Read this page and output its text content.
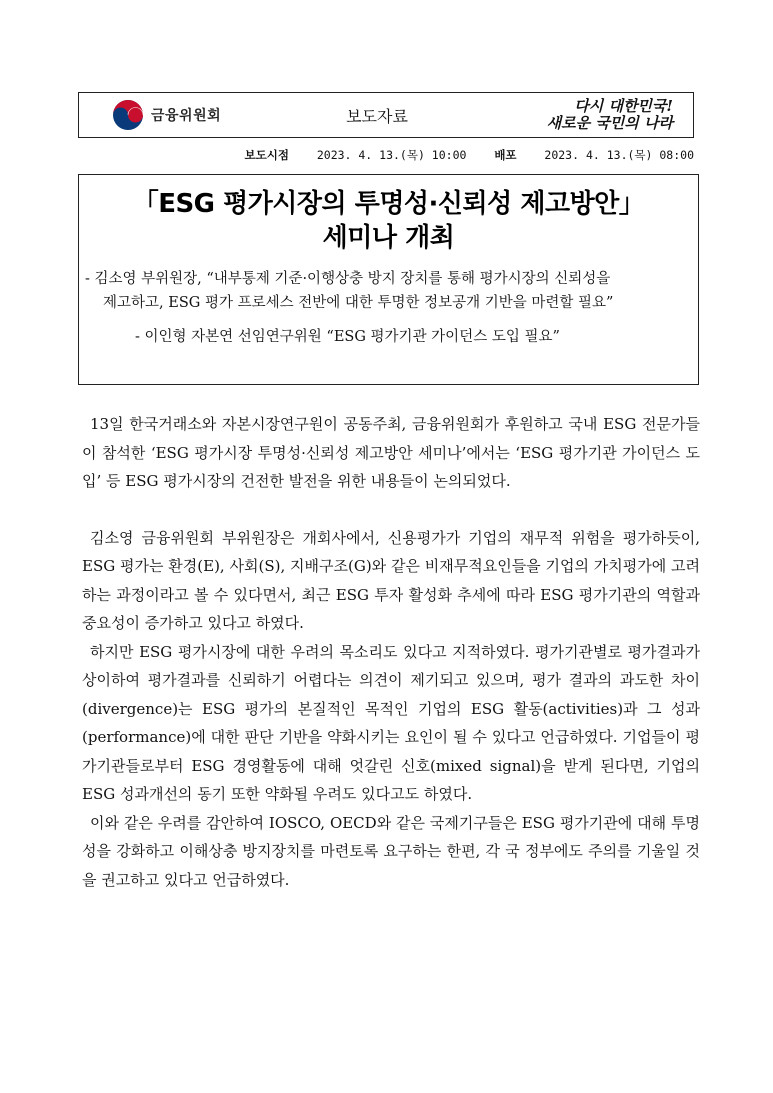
금융위원회	보도자료
다시 대한민국!
새로운 국민의 나라
보도시점 2023. 4. 13.(목) 10:00 배포 2023. 4. 13.(목) 08:00
「ESG 평가시장의 투명성·신뢰성 제고방안」
세미나 개최
- 김소영 부위원장, “내부통제 기준·이행상충 방지 장치를 통해 평가시장의 신뢰성을
제고하고, ESG 평가 프로세스 전반에 대한 투명한 정보공개 기반을 마련할 필요”
- 이인형 자본연 선임연구위원 “ESG 평가기관 가이던스 도입 필요”

13일 한국거래소와 자본시장연구원이 공동주최, 금융위원회가 후원하고 국내 ESG 전문가들이 참석한 ‘ESG 평가시장 투명성·신뢰성 제고방안 세미나’에서는 ‘ESG 평가기관 가이던스 도입’ 등 ESG 평가시장의 건전한 발전을 위한 내용들이 논의되었다.

김소영 금융위원회 부위원장은 개회사에서, 신용평가가 기업의 재무적 위험을 평가하듯이, ESG 평가는 환경(E), 사회(S), 지배구조(G)와 같은 비재무적요인들을 기업의 가치평가에 고려하는 과정이라고 볼 수 있다면서, 최근 ESG 투자 활성화 추세에 따라 ESG 평가기관의 역할과 중요성이 증가하고 있다고 하였다.

하지만 ESG 평가시장에 대한 우려의 목소리도 있다고 지적하였다. 평가기관별로 평가결과가 상이하여 평가결과를 신뢰하기 어렵다는 의견이 제기되고 있으며, 평가 결과의 과도한 차이(divergence)는 ESG 평가의 본질적인 목적인 기업의 ESG 활동(activities)과 그 성과(performance)에 대한 판단 기반을 약화시키는 요인이 될 수 있다고 언급하였다. 기업들이 평가기관들로부터 ESG 경영활동에 대해 엇갈린 신호(mixed signal)을 받게 된다면, 기업의 ESG 성과개선의 동기 또한 약화될 우려도 있다고도 하였다.

이와 같은 우려를 감안하여 IOSCO, OECD와 같은 국제기구들은 ESG 평가기관에 대해 투명성을 강화하고 이해상충 방지장치를 마련토록 요구하는 한편, 각 국 정부에도 주의를 기울일 것을 권고하고 있다고 언급하였다.
